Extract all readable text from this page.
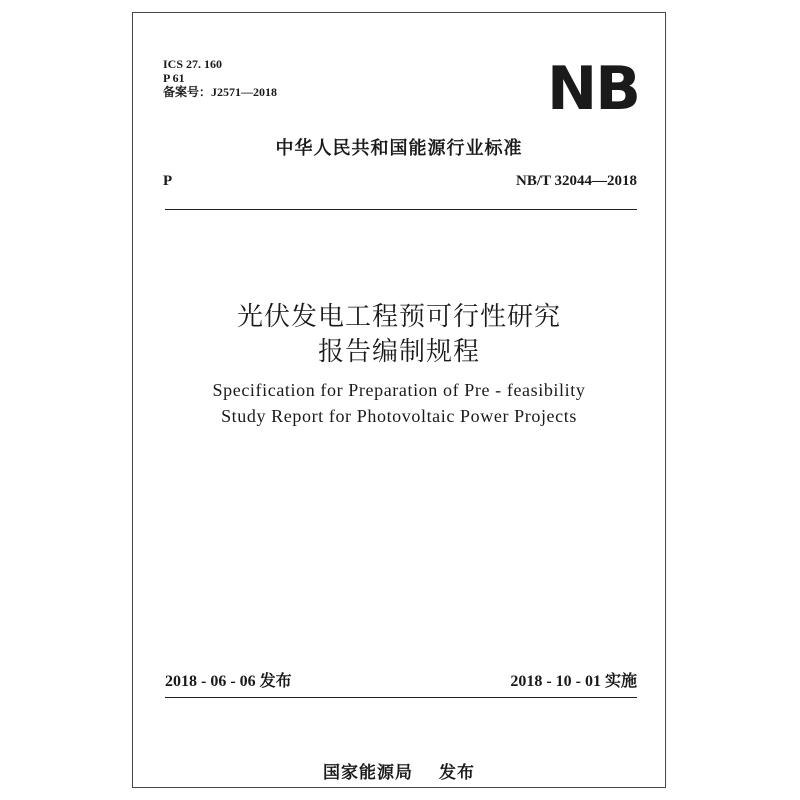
ICS 27. 160
P 61
备案号：J2571—2018	NB
中华人民共和国能源行业标准
P	NB/T 32044—2018
光伏发电工程预可行性研究
报告编制规程
Specification for Preparation of Pre - feasibility
Study Report for Photovoltaic Power Projects
2018 - 06 - 06 发布	2018 - 10 - 01 实施
国家能源局 发布
